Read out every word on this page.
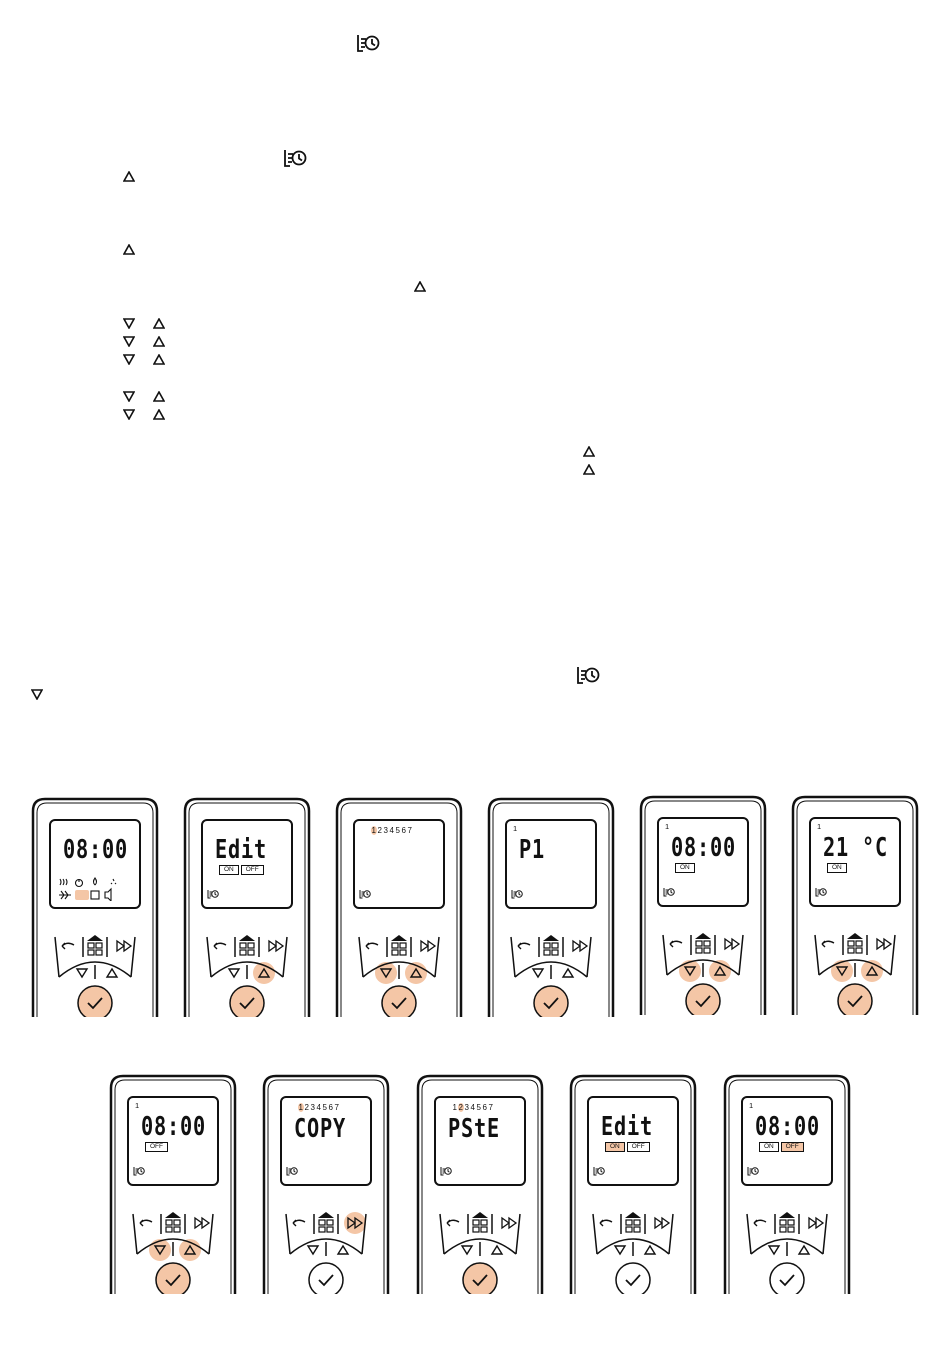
08:00	Edit
ON	OFF
1234567	1
P1
1
08:00
ON
1
21 °C
ON
1
08:00
OFF
1234567
COPY
1234567
PStE	Edit
ON	OFF
1
08:00
ON	OFF
